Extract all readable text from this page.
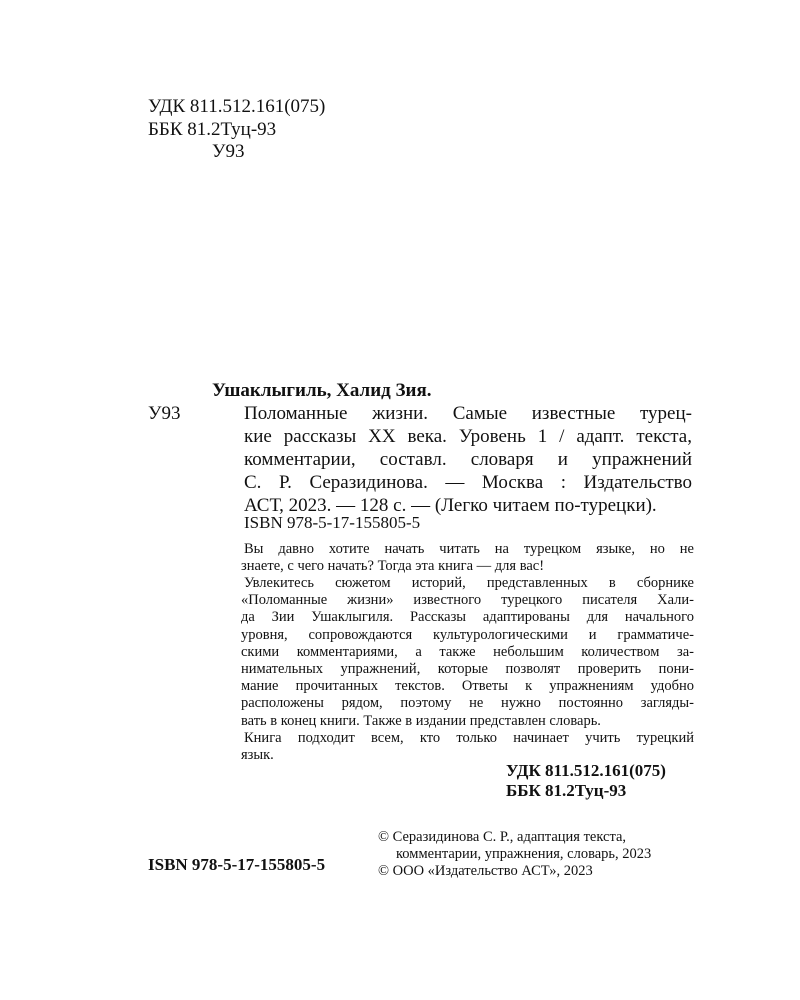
УДК 811.512.161(075)
ББК 81.2Туц-93
У93
Ушаклыгиль, Халид Зия.
У93	Поломанные жизни. Самые известные турец-
кие рассказы XX века. Уровень 1 / адапт. текста,
комментарии, составл. словаря и упражнений
С. Р. Серазидинова. — Москва : Издательство
АСТ, 2023. — 128 с. — (Легко читаем по-турецки).
ISBN 978-5-17-155805-5
Вы давно хотите начать читать на турецком языке, но не
знаете, с чего начать? Тогда эта книга — для вас!
Увлекитесь сюжетом историй, представленных в сборнике
«Поломанные жизни» известного турецкого писателя Хали-
да Зии Ушаклыгиля. Рассказы адаптированы для начального
уровня, сопровождаются культурологическими и грамматиче-
скими комментариями, а также небольшим количеством за-
нимательных упражнений, которые позволят проверить пони-
мание прочитанных текстов. Ответы к упражнениям удобно
расположены рядом, поэтому не нужно постоянно загляды-
вать в конец книги. Также в издании представлен словарь.
Книга подходит всем, кто только начинает учить турецкий
язык.
УДК 811.512.161(075)
ББК 81.2Туц-93
ISBN 978-5-17-155805-5
© Серазидинова С. Р., адаптация текста,
комментарии, упражнения, словарь, 2023
© ООО «Издательство АСТ», 2023
